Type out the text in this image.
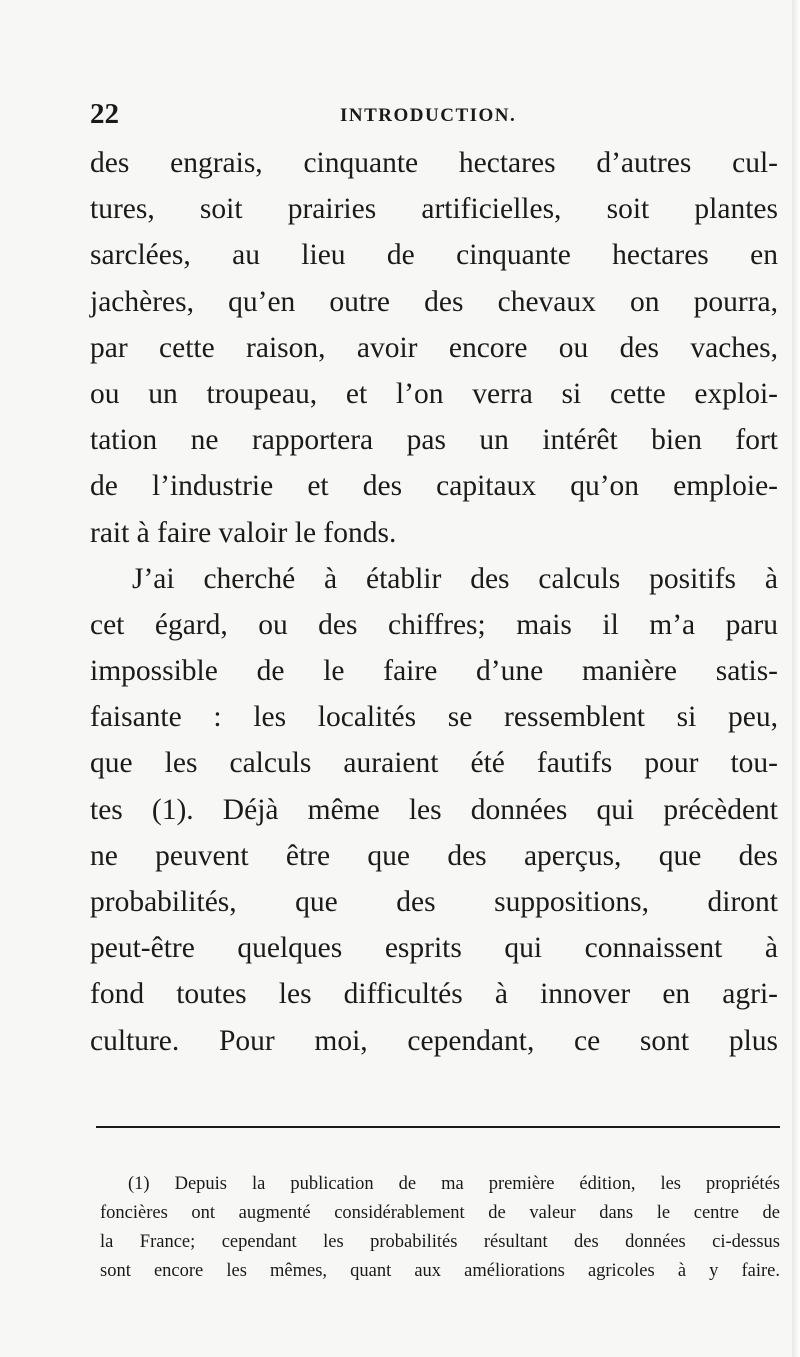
22	INTRODUCTION.
des engrais, cinquante hectares d’autres cul-
tures, soit prairies artificielles, soit plantes
sarclées, au lieu de cinquante hectares en
jachères, qu’en outre des chevaux on pourra,
par cette raison, avoir encore ou des vaches,
ou un troupeau, et l’on verra si cette exploi-
tation ne rapportera pas un intérêt bien fort
de l’industrie et des capitaux qu’on emploie-
rait à faire valoir le fonds.
J’ai cherché à établir des calculs positifs à
cet égard, ou des chiffres; mais il m’a paru
impossible de le faire d’une manière satis-
faisante : les localités se ressemblent si peu,
que les calculs auraient été fautifs pour tou-
tes (1). Déjà même les données qui précèdent
ne peuvent être que des aperçus, que des
probabilités, que des suppositions, diront
peut-être quelques esprits qui connaissent à
fond toutes les difficultés à innover en agri-
culture. Pour moi, cependant, ce sont plus
(1) Depuis la publication de ma première édition, les propriétés
foncières ont augmenté considérablement de valeur dans le centre de
la France; cependant les probabilités résultant des données ci-dessus
sont encore les mêmes, quant aux améliorations agricoles à y faire.
